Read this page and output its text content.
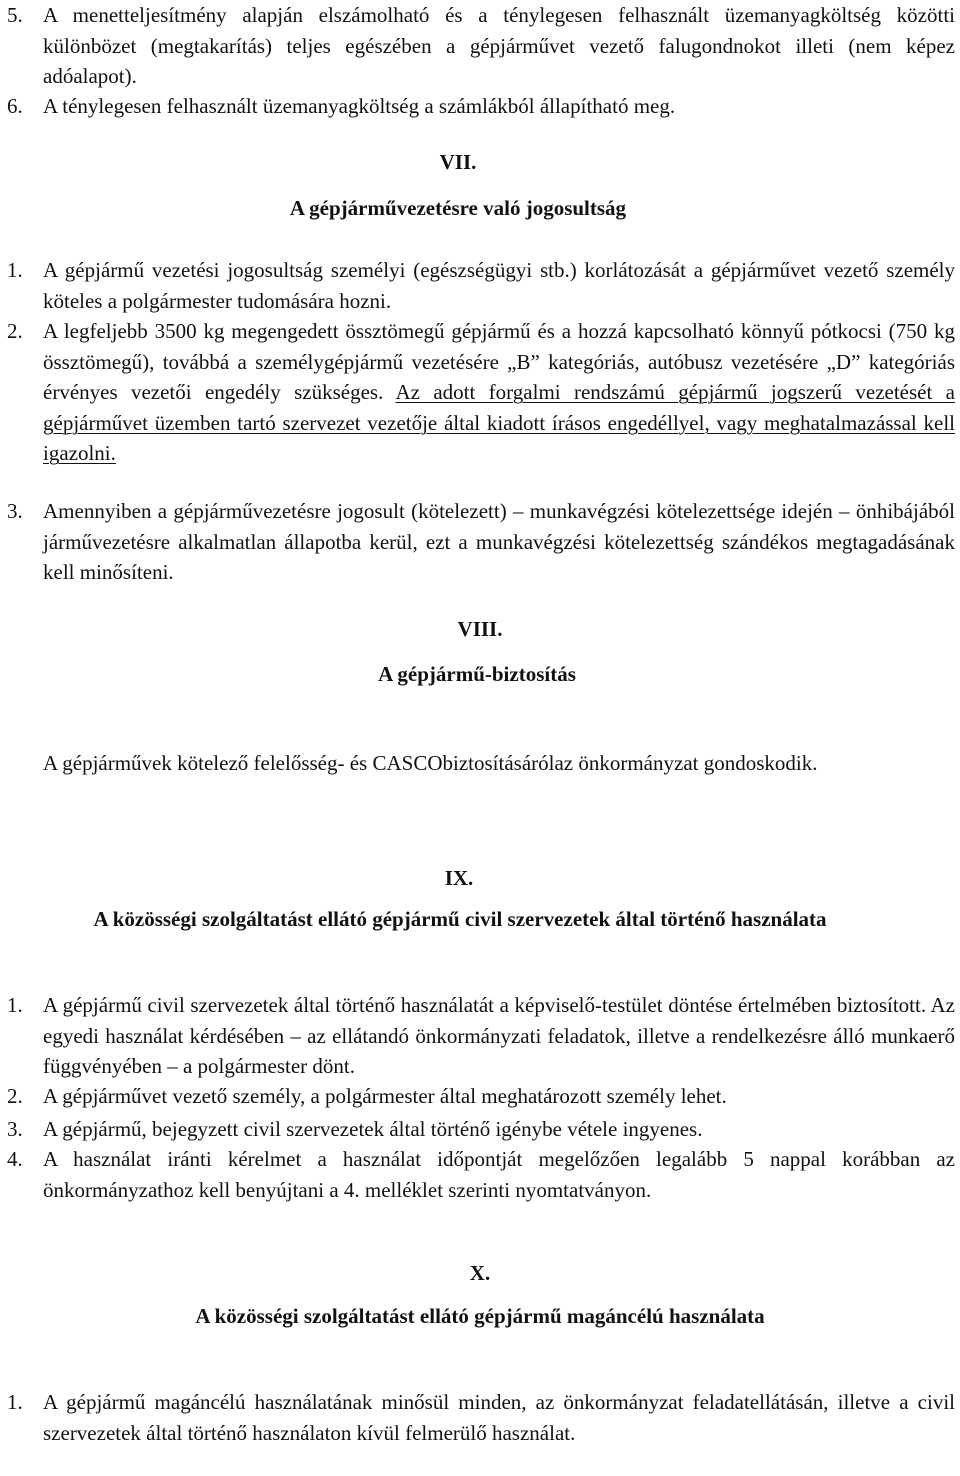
5. A menetteljesítmény alapján elszámolható és a ténylegesen felhasznált üzemanyagköltség közötti különbözet (megtakarítás) teljes egészében a gépjárművet vezető falugondnokot illeti (nem képez adóalapot).
6. A ténylegesen felhasznált üzemanyagköltség a számlákból állapítható meg.
VII.
A gépjárművezetésre való jogosultság
1. A gépjármű vezetési jogosultság személyi (egészségügyi stb.) korlátozását a gépjárművet vezető személy köteles a polgármester tudomására hozni.
2. A legfeljebb 3500 kg megengedett össztömegű gépjármű és a hozzá kapcsolható könnyű pótkocsi (750 kg össztömegű), továbbá a személygépjármű vezetésére „B” kategóriás, autóbusz vezetésére „D” kategóriás érvényes vezetői engedély szükséges. Az adott forgalmi rendszámú gépjármű jogszerű vezetését a gépjárművet üzemben tartó szervezet vezetője által kiadott írásos engedéllyel, vagy meghatalmazással kell igazolni.
3. Amennyiben a gépjárművezetésre jogosult (kötelezett) – munkavégzési kötelezettsége idején – önhibájából járművezetésre alkalmatlan állapotba kerül, ezt a munkavégzési kötelezettség szándékos megtagadásának kell minősíteni.
VIII.
A gépjármű-biztosítás
A gépjárművek kötelező felelősség- és CASCObiztosításárólaz önkormányzat gondoskodik.
IX.
A közösségi szolgáltatást ellátó gépjármű civil szervezetek által történő használata
1. A gépjármű civil szervezetek által történő használatát a képviselő-testület döntése értelmében biztosított. Az egyedi használat kérdésében – az ellátandó önkormányzati feladatok, illetve a rendelkezésre álló munkaerő függvényében – a polgármester dönt.
2. A gépjárművet vezető személy, a polgármester által meghatározott személy lehet.
3. A gépjármű, bejegyzett civil szervezetek által történő igénybe vétele ingyenes.
4. A használat iránti kérelmet a használat időpontját megelőzően legalább 5 nappal korábban az önkormányzathoz kell benyújtani a 4. melléklet szerinti nyomtatványon.
X.
A közösségi szolgáltatást ellátó gépjármű magáncélú használata
1. A gépjármű magáncélú használatának minősül minden, az önkormányzat feladatellátásán, illetve a civil szervezetek által történő használaton kívül felmerülő használat.
